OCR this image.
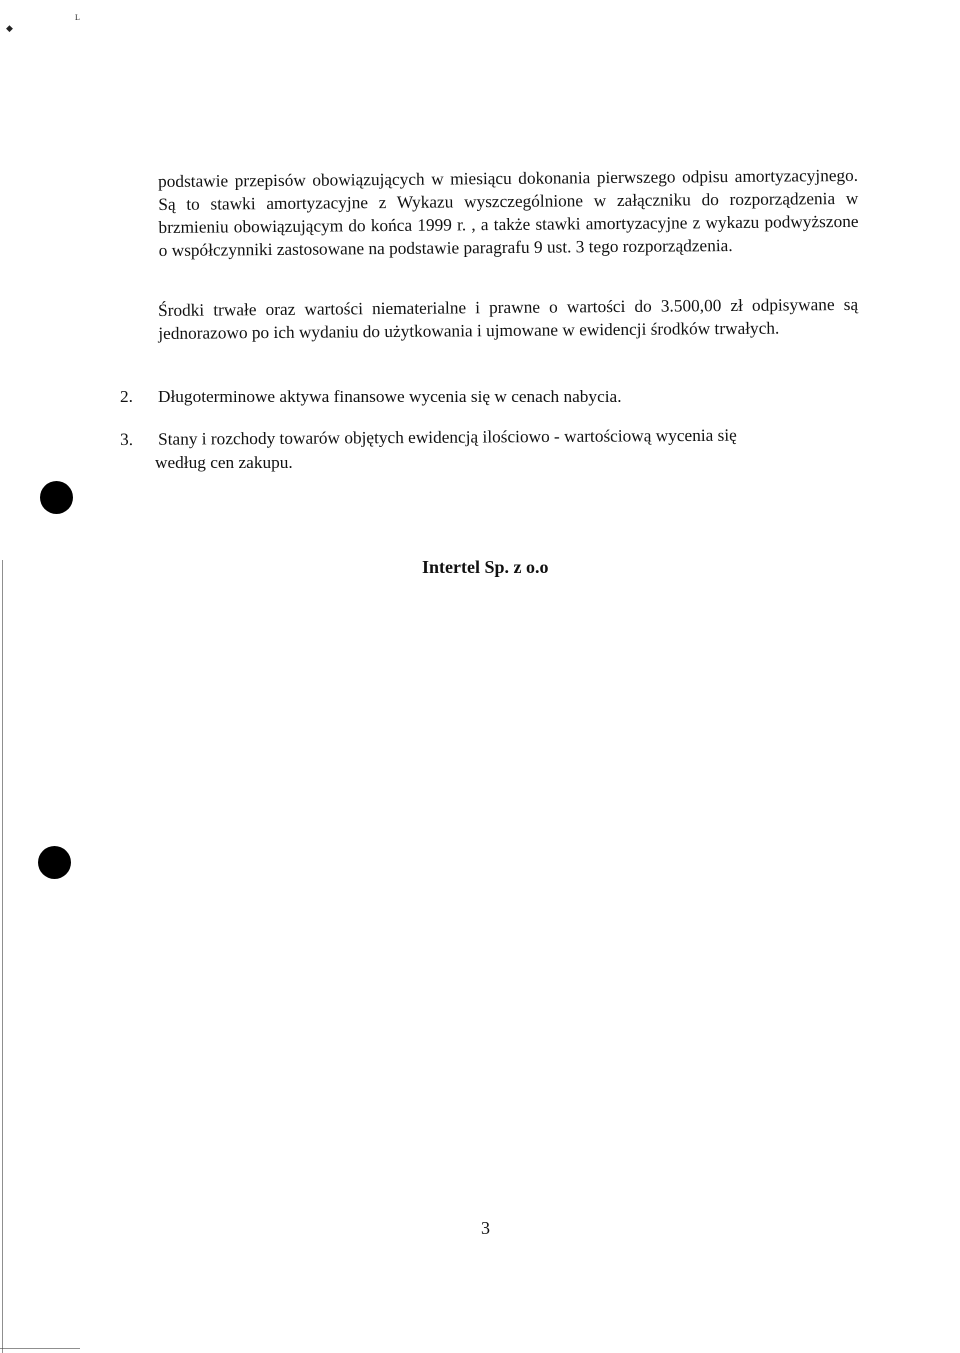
◆
L

podstawie przepisów obowiązujących w miesiącu dokonania pierwszego odpisu amortyzacyjnego. Są to stawki amortyzacyjne z Wykazu wyszczególnione w załączniku do rozporządzenia w brzmieniu obowiązującym do końca 1999 r. , a także stawki amortyzacyjne z wykazu podwyższone o współczynniki zastosowane na podstawie paragrafu 9 ust. 3 tego rozporządzenia.

Środki trwałe oraz wartości niematerialne i prawne o wartości do 3.500,00 zł odpisywane są jednorazowo po ich wydaniu do użytkowania i ujmowane w ewidencji środków trwałych.

2.	Długoterminowe aktywa finansowe wycenia się w cenach nabycia.
3.	Stany i rozchody towarów objętych ewidencją ilościowo - wartościową wycenia się

według cen zakupu.

Intertel Sp. z o.o

3
